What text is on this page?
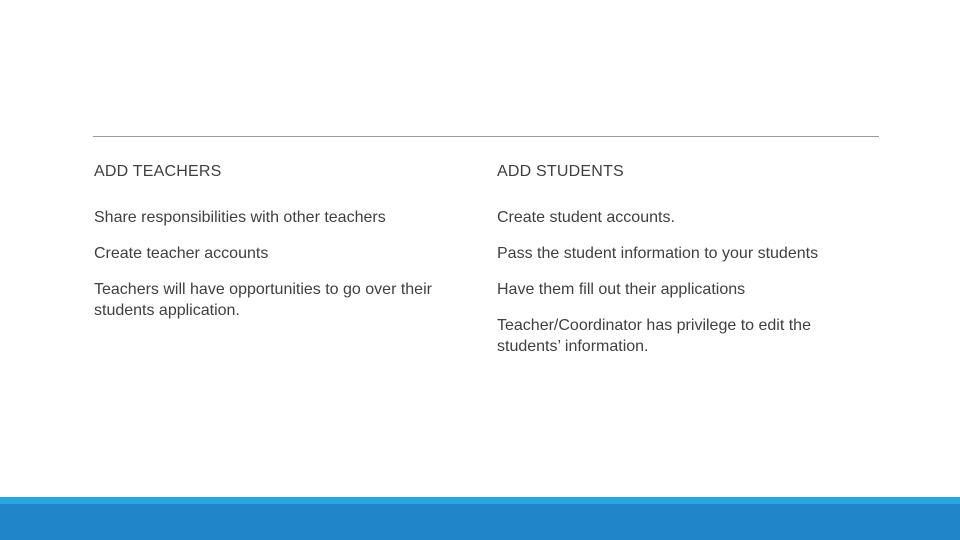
ADD TEACHERS
Share responsibilities with other teachers
Create teacher accounts
Teachers will have opportunities to go over their students application.
ADD STUDENTS
Create student accounts.
Pass the student information to your students
Have them fill out their applications
Teacher/Coordinator has privilege to edit the students’ information.
